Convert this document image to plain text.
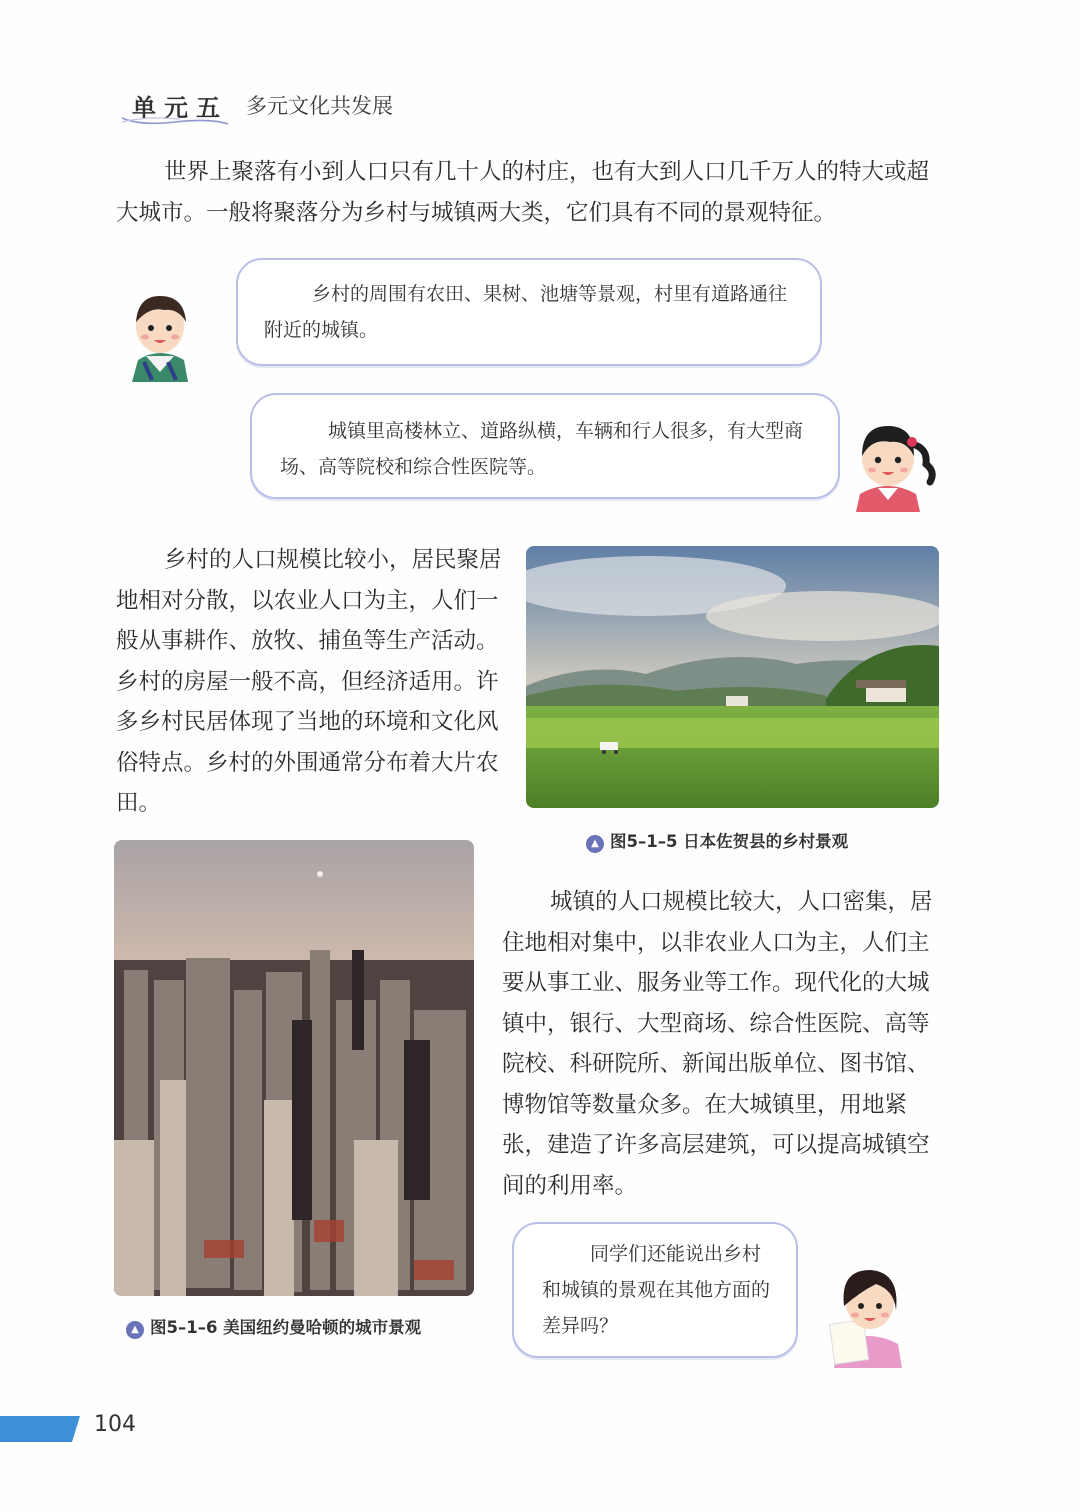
单元五 多元文化共发展
世界上聚落有小到人口只有几十人的村庄，也有大到人口几千万人的特大或超大城市。一般将聚落分为乡村与城镇两大类，它们具有不同的景观特征。
乡村的周围有农田、果树、池塘等景观，村里有道路通往附近的城镇。
城镇里高楼林立、道路纵横，车辆和行人很多，有大型商场、高等院校和综合性医院等。
乡村的人口规模比较小，居民聚居地相对分散，以农业人口为主，人们一般从事耕作、放牧、捕鱼等生产活动。乡村的房屋一般不高，但经济适用。许多乡村民居体现了当地的环境和文化风俗特点。乡村的外围通常分布着大片农田。
▲ 图5–1–5 日本佐贺县的乡村景观
▲ 图5–1–6 美国纽约曼哈顿的城市景观
城镇的人口规模比较大，人口密集，居住地相对集中，以非农业人口为主，人们主要从事工业、服务业等工作。现代化的大城镇中，银行、大型商场、综合性医院、高等院校、科研院所、新闻出版单位、图书馆、博物馆等数量众多。在大城镇里，用地紧张，建造了许多高层建筑，可以提高城镇空间的利用率。
同学们还能说出乡村和城镇的景观在其他方面的差异吗？
104
